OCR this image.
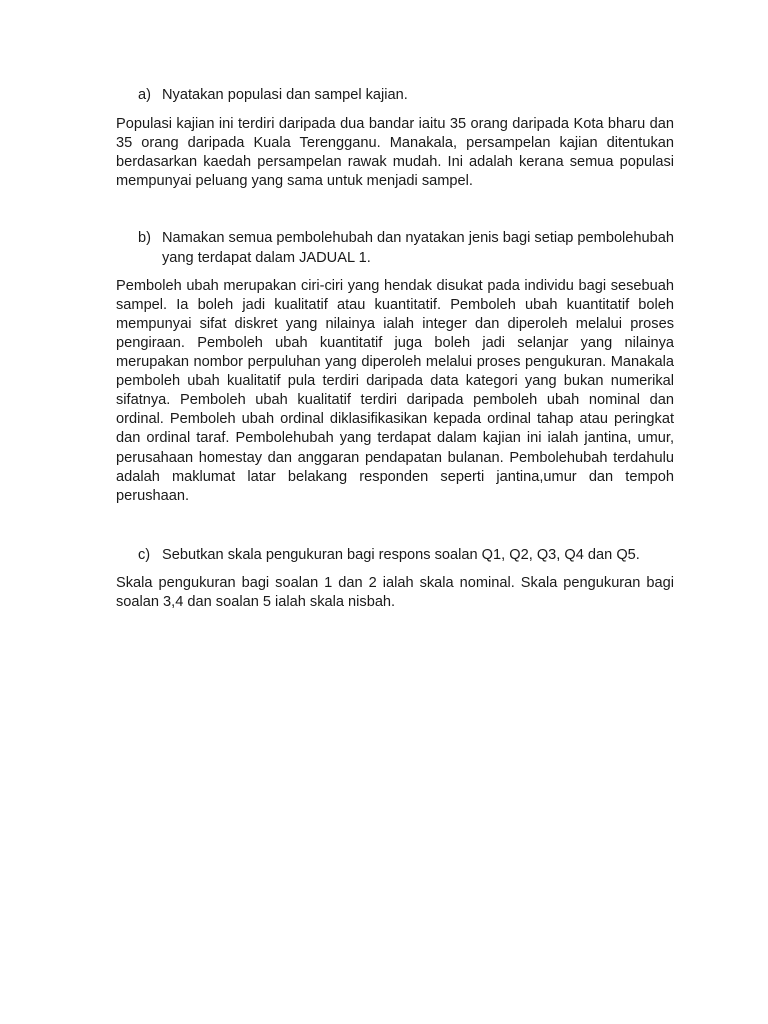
a) Nyatakan populasi dan sampel kajian.

Populasi kajian ini terdiri daripada dua bandar iaitu 35 orang daripada Kota bharu dan 35 orang daripada Kuala Terengganu. Manakala, persampelan kajian ditentukan berdasarkan kaedah persampelan rawak mudah. Ini adalah kerana semua populasi mempunyai peluang yang sama untuk menjadi sampel.

b) Namakan semua pembolehubah dan nyatakan jenis bagi setiap pembolehubah yang terdapat dalam JADUAL 1.

Pemboleh ubah merupakan ciri-ciri yang hendak disukat pada individu bagi sesebuah sampel. Ia boleh jadi kualitatif atau kuantitatif. Pemboleh ubah kuantitatif boleh mempunyai sifat diskret yang nilainya ialah integer dan diperoleh melalui proses pengiraan. Pemboleh ubah kuantitatif juga boleh jadi selanjar yang nilainya merupakan nombor perpuluhan yang diperoleh melalui proses pengukuran. Manakala pemboleh ubah kualitatif pula terdiri daripada data kategori yang bukan numerikal sifatnya. Pemboleh ubah kualitatif terdiri daripada pemboleh ubah nominal dan ordinal. Pemboleh ubah ordinal diklasifikasikan kepada ordinal tahap atau peringkat dan ordinal taraf. Pembolehubah yang terdapat dalam kajian ini ialah jantina, umur, perusahaan homestay dan anggaran pendapatan bulanan. Pembolehubah terdahulu adalah maklumat latar belakang responden seperti jantina,umur dan tempoh perushaan.

c) Sebutkan skala pengukuran bagi respons soalan Q1, Q2, Q3, Q4 dan Q5.

Skala pengukuran bagi soalan 1 dan 2 ialah skala nominal. Skala pengukuran bagi soalan 3,4 dan soalan 5 ialah skala nisbah.
